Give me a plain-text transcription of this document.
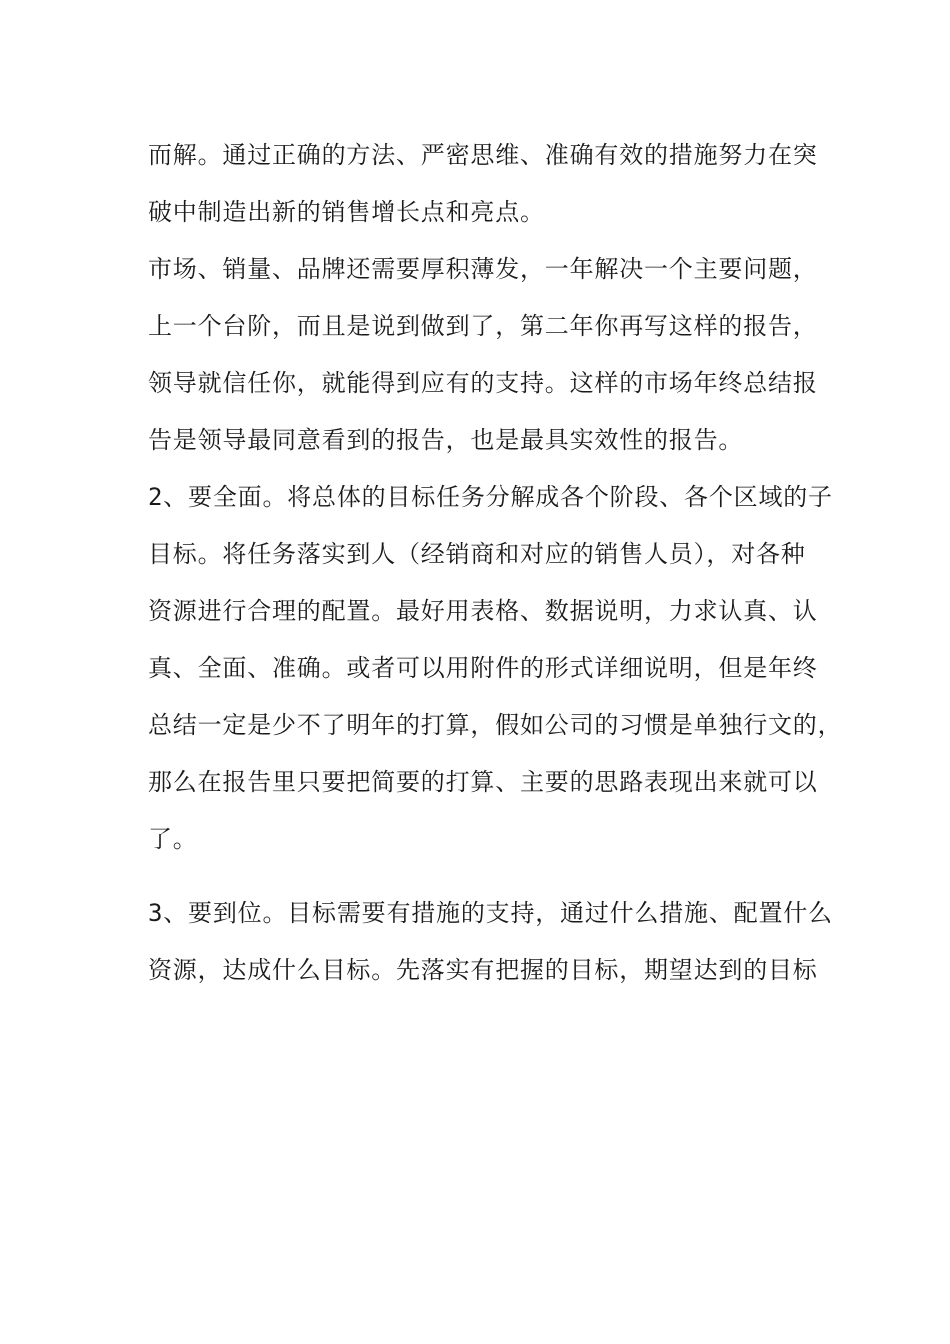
而解。通过正确的方法、严密思维、准确有效的措施努力在突
破中制造出新的销售增长点和亮点。
市场、销量、品牌还需要厚积薄发，一年解决一个主要问题，
上一个台阶，而且是说到做到了，第二年你再写这样的报告，
领导就信任你，就能得到应有的支持。这样的市场年终总结报
告是领导最同意看到的报告，也是最具实效性的报告。
2、要全面。将总体的目标任务分解成各个阶段、各个区域的子
目标。将任务落实到人（经销商和对应的销售人员），对各种
资源进行合理的配置。最好用表格、数据说明，力求认真、认
真、全面、准确。或者可以用附件的形式详细说明，但是年终
总结一定是少不了明年的打算，假如公司的习惯是单独行文的，
那么在报告里只要把简要的打算、主要的思路表现出来就可以
了。
3、要到位。目标需要有措施的支持，通过什么措施、配置什么
资源，达成什么目标。先落实有把握的目标，期望达到的目标
